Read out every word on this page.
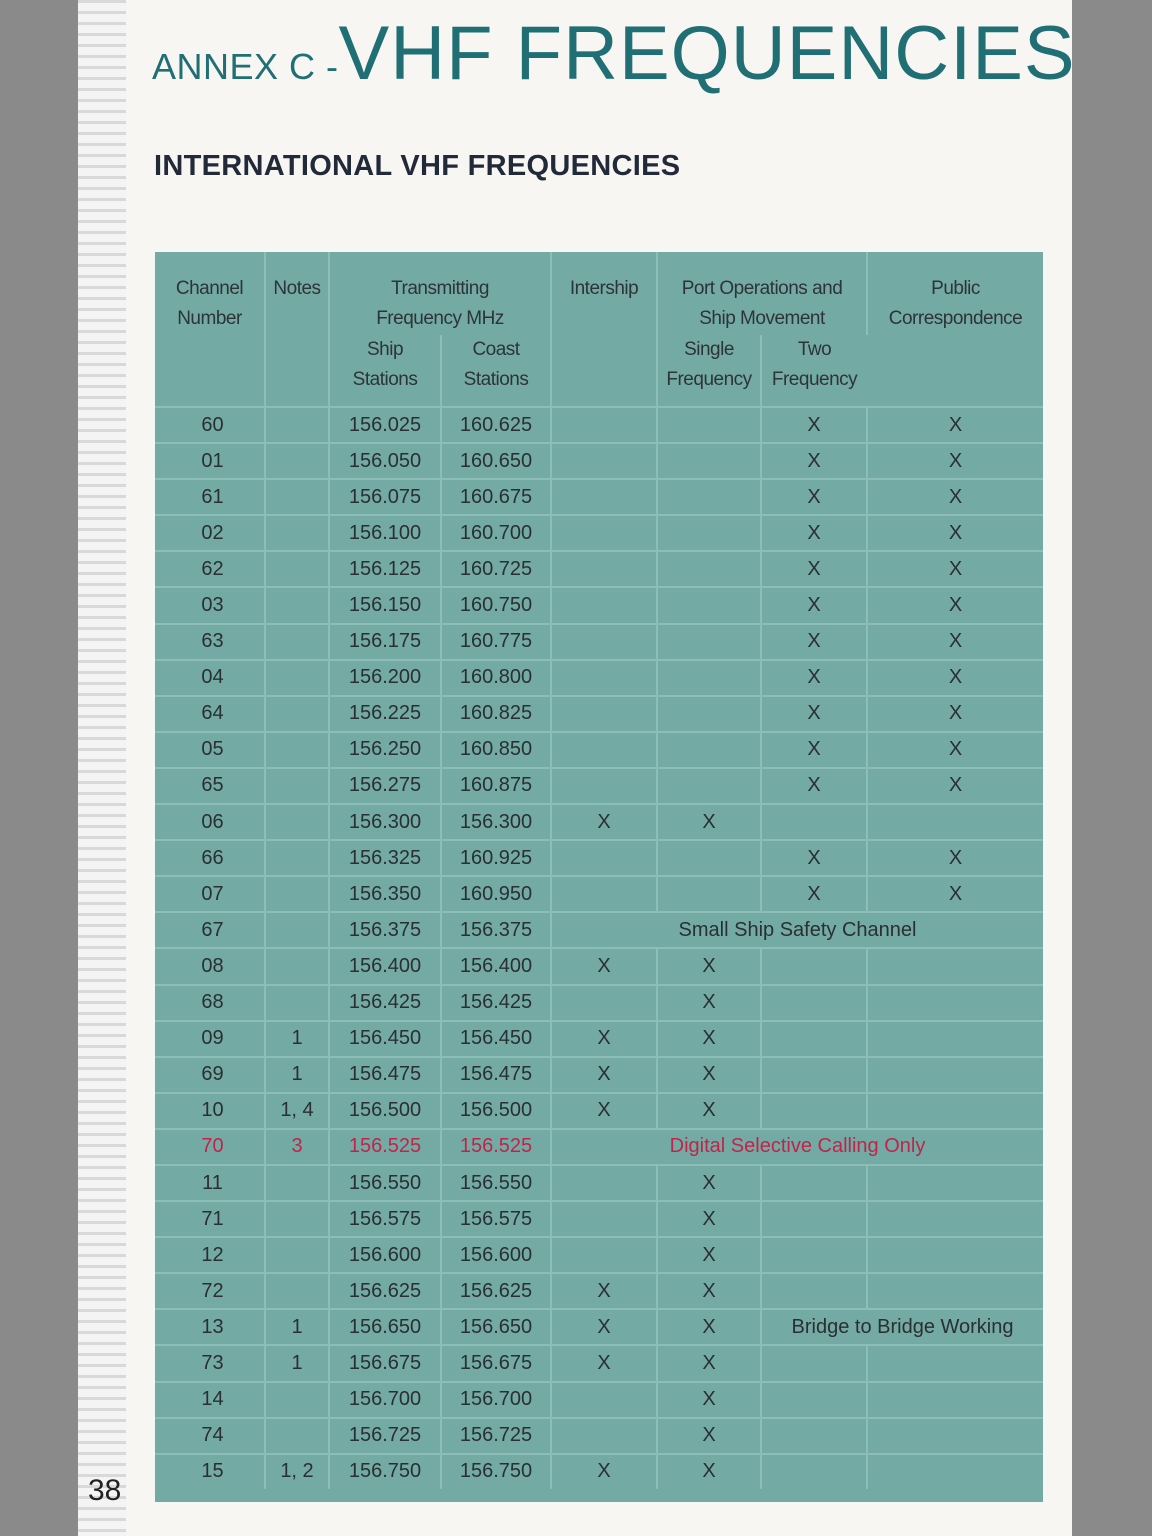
ANNEX C -VHF FREQUENCIES
INTERNATIONAL VHF FREQUENCIES
Channel Number	Notes	Transmitting Frequency MHz		Intership	Port Operations and Ship Movement		Public Correspondence
		Ship Stations	Coast Stations		Single Frequency	Two Frequency	
60		156.025	160.625			X	X
01		156.050	160.650			X	X
61		156.075	160.675			X	X
02		156.100	160.700			X	X
62		156.125	160.725			X	X
03		156.150	160.750			X	X
63		156.175	160.775			X	X
04		156.200	160.800			X	X
64		156.225	160.825			X	X
05		156.250	160.850			X	X
65		156.275	160.875			X	X
06		156.300	156.300	X	X		
66		156.325	160.925			X	X
07		156.350	160.950			X	X
67		156.375	156.375	Small Ship Safety Channel			
08		156.400	156.400	X	X		
68		156.425	156.425		X		
09	1	156.450	156.450	X	X		
69	1	156.475	156.475	X	X		
10	1, 4	156.500	156.500	X	X		
70	3	156.525	156.525	Digital Selective Calling Only			
11		156.550	156.550		X		
71		156.575	156.575		X		
12		156.600	156.600		X		
72		156.625	156.625	X	X		
13	1	156.650	156.650	X	X	Bridge to Bridge Working	
73	1	156.675	156.675	X	X		
14		156.700	156.700		X		
74		156.725	156.725		X		
15	1, 2	156.750	156.750	X	X		
38
